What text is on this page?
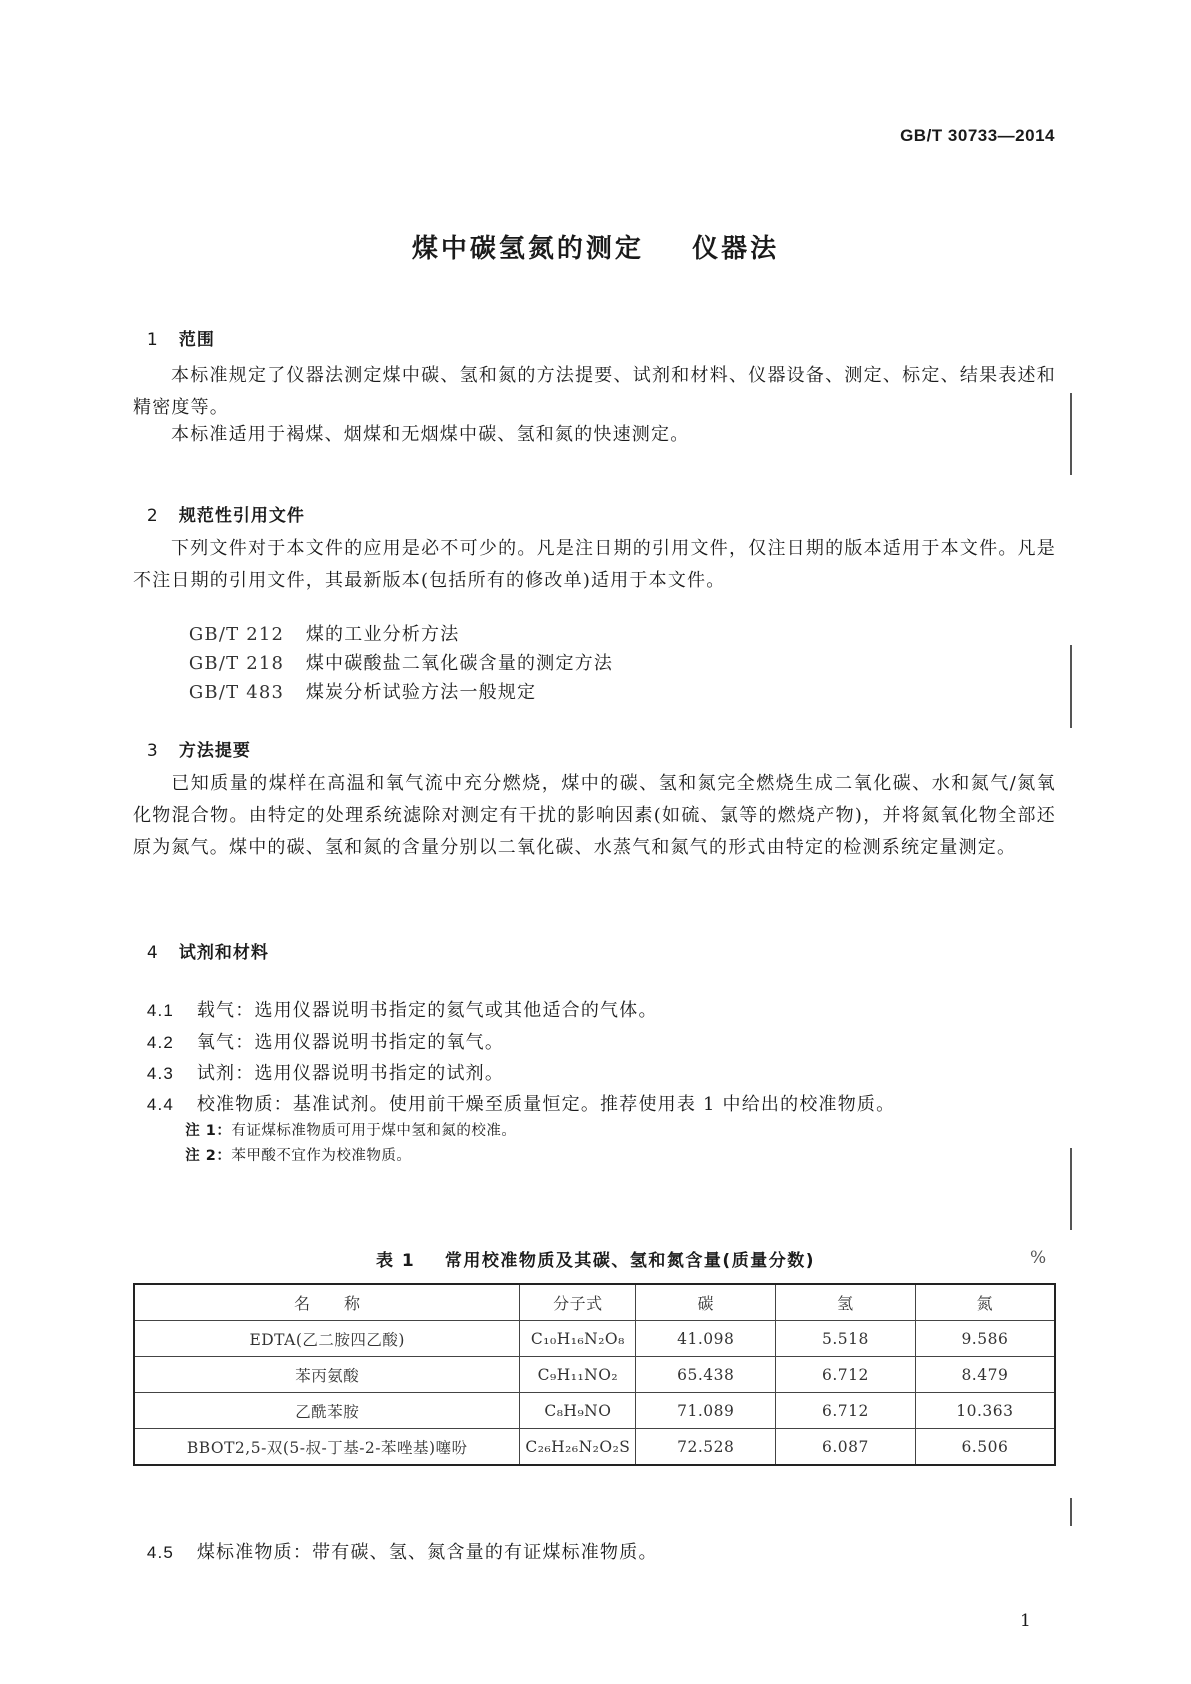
GB/T 30733—2014
煤中碳氢氮的测定    仪器法

1 范围

本标准规定了仪器法测定煤中碳、氢和氮的方法提要、试剂和材料、仪器设备、测定、标定、结果表述和精密度等。
本标准适用于褐煤、烟煤和无烟煤中碳、氢和氮的快速测定。

2 规范性引用文件

下列文件对于本文件的应用是必不可少的。凡是注日期的引用文件，仅注日期的版本适用于本文件。凡是不注日期的引用文件，其最新版本(包括所有的修改单)适用于本文件。

GB/T 212 煤的工业分析方法

GB/T 218 煤中碳酸盐二氧化碳含量的测定方法

GB/T 483 煤炭分析试验方法一般规定

3 方法提要

已知质量的煤样在高温和氧气流中充分燃烧，煤中的碳、氢和氮完全燃烧生成二氧化碳、水和氮气/氮氧化物混合物。由特定的处理系统滤除对测定有干扰的影响因素(如硫、氯等的燃烧产物)，并将氮氧化物全部还原为氮气。煤中的碳、氢和氮的含量分别以二氧化碳、水蒸气和氮气的形式由特定的检测系统定量测定。

4 试剂和材料

4.1 载气：选用仪器说明书指定的氦气或其他适合的气体。

4.2 氧气：选用仪器说明书指定的氧气。

4.3 试剂：选用仪器说明书指定的试剂。

4.4 校准物质：基准试剂。使用前干燥至质量恒定。推荐使用表 1 中给出的校准物质。

注 1：有证煤标准物质可用于煤中氢和氮的校准。

注 2：苯甲酸不宜作为校准物质。

表 1    常用校准物质及其碳、氢和氮含量(质量分数)	%
名      称	分子式	碳	氢	氮
EDTA(乙二胺四乙酸)	C₁₀H₁₆N₂O₈	41.098	5.518	9.586
苯丙氨酸	C₉H₁₁NO₂	65.438	6.712	8.479
乙酰苯胺	C₈H₉NO	71.089	6.712	10.363
BBOT2,5-双(5-叔-丁基-2-苯唑基)噻吩	C₂₆H₂₆N₂O₂S	72.528	6.087	6.506

4.5 煤标准物质：带有碳、氢、氮含量的有证煤标准物质。

1
